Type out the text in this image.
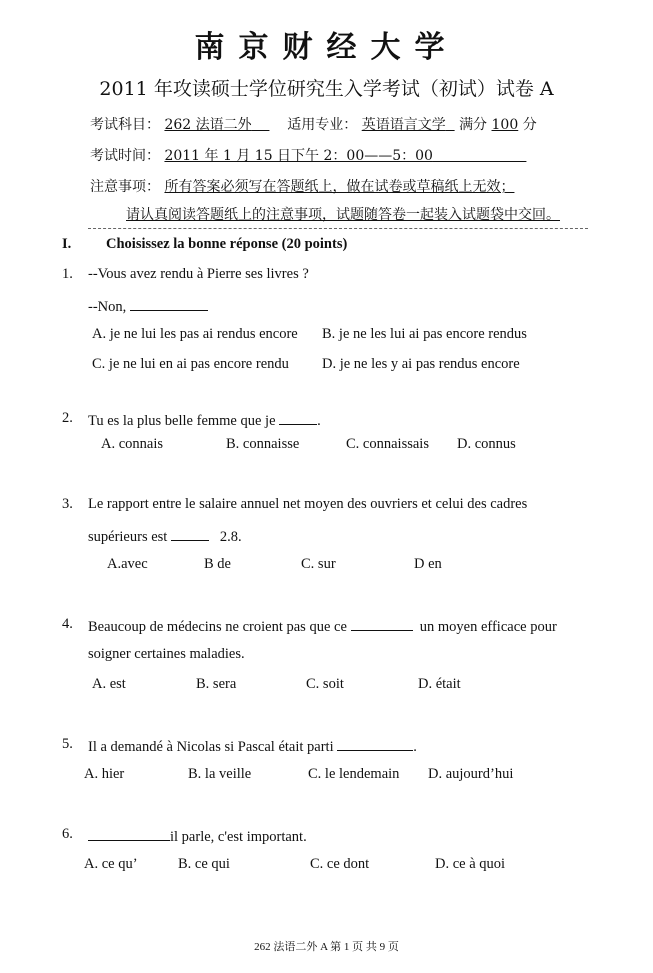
南京财经大学
2011 年攻读硕士学位研究生入学考试（初试）试卷 A
考试科目： 262 法语二外	适用专业： 英语语言文学 满分 100 分
考试时间： 2011 年 1 月 15 日下午 2：00——5：00
注意事项： 所有答案必须写在答题纸上，做在试卷或草稿纸上无效；
请认真阅读答题纸上的注意事项，试题随答卷一起装入试题袋中交回。
I. Choisissez la bonne réponse (20 points)
1. --Vous avez rendu à Pierre ses livres ?
--Non,
A. je ne lui les pas ai rendus encore B. je ne les lui ai pas encore rendus
C. je ne lui en ai pas encore rendu D. je ne les y ai pas rendus encore
2. Tu es la plus belle femme que je	.
A. connais	B. connaisse	C. connaissais D. connus
3. Le rapport entre le salaire annuel net moyen des ouvriers et celui des cadres
supérieurs est	2.8.
A.avec	B de	C. sur	D en
4. Beaucoup de médecins ne croient pas que ce	un moyen efficace pour
soigner certaines maladies.
A. est	B. sera	C. soit	D. était
5. Il a demandé à Nicolas si Pascal était parti	.
A. hier	B. la veille	C. le lendemain D. aujourd’hui
6.	il parle, c'est important.
A. ce qu’	B. ce qui	C. ce dont	D. ce à quoi
262 法语二外 A 第 1 页 共 9 页
